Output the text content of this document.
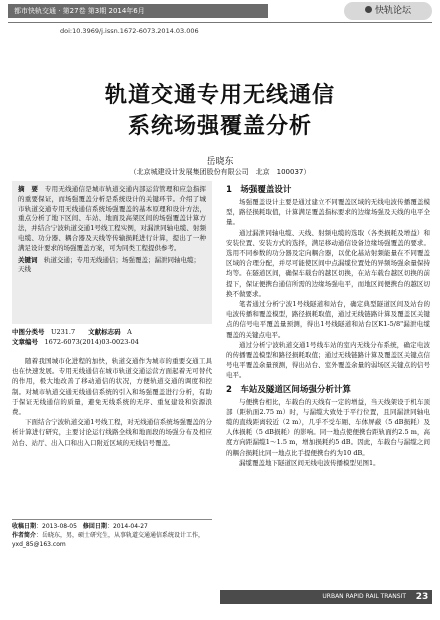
都市快轨交通 · 第27卷 第3期 2014年6月	快轨论坛
doi:10.3969/j.issn.1672-6073.2014.03.006
轨道交通专用无线通信
系统场强覆盖分析
岳晓东
（北京城建设计发展集团股份有限公司　北京　100037）
摘　要　 专用无线通信是城市轨道交通内部运营管理和应急指挥的重要保证，而场强覆盖分析是系统设计的关键环节。介绍了城市轨道交通专用无线通信系统场强覆盖的基本原理和设计方法，重点分析了地下区间、车站、地面及高架区间的场强覆盖计算方法，并结合宁波轨道交通1号线工程实例，对漏泄同轴电缆、射频电缆、功分器、耦合器及天线等传输损耗进行计算，提出了一种满足设计要求的场强覆盖方案，可为同类工程提供参考。
关键词　 轨道交通；专用无线通信；场强覆盖；漏泄同轴电缆；天线
中图分类号　 U231.7　　 文献标志码　 A
文章编号　 1672-6073(2014)03-0023-04

随着我国城市化进程的加快，轨道交通作为城市的重要交通工具也在快速发展。专用无线通信在城市轨道交通运营方面起着无可替代的作用，极大地改善了移动通信的状况，方便轨道交通的调度和控制。对城市轨道交通无线通信系统的引入和场强覆盖进行分析，有助于保证无线通信的质量，避免无线系统的无序、重复建设和资源浪费。

下面结合宁波轨道交通1号线工程，对无线通信系统场强覆盖的分析计算进行研究，主要讨论运行线路全线和地面段的场强分布及相应站台、站厅、出入口和出入口附近区域的无线信号覆盖。

收稿日期：2013-08-05　 修回日期：2014-04-27
作者简介：岳晓东，男，硕士研究生，从事轨道交通通信系统设计工作，yxd_85@163.com
1　场强覆盖设计

场强覆盖设计主要是通过建立不同覆盖区域的无线电波传播覆盖模型，路径损耗取值，计算满足覆盖指标要求的边缘场强及天线的电平全量。

通过漏泄同轴电缆、天线、射频电缆的选取（各类损耗及增益）和安装位置、安装方式的选择，满足移动通信设备边缘场强覆盖的要求。选用不同参数的功分器及定向耦合器，以优化基站射频能量在不同覆盖区域的合理分配，并尽可能使区间中点漏缆位置处的异频场强余量保持均等。在隧道区间，确保车载台的越区切换，在站车载台越区切换的前提下，保证便携台通信所需的边缘场强电平，而地区间便携台的越区切换不做要求。

笔者通过分析宁波1号线隧道和站台，确定典型隧道区间及站台的电波传播和覆盖模型，路径损耗取值，通过无线链路计算及覆盖区关键点的信号电平覆盖量预测，得出1号线隧道和站台区K1-5/8"漏泄电缆覆盖的关键点电平。

通过分析宁波轨道交通1号线车站的室内无线分布系统，确定电波的传播覆盖模型和路径损耗取值；通过无线链路计算及覆盖区关键点信号电平覆盖余量预测，得出站台、室外覆盖余量的弱场区关键点的信号电平。

2　车站及隧道区间场强分析计算

与便携台相比，车载台的天线有一定的增益，当天线架设于机车顶部（距轨面2.75 m）时，与漏缆大致处于平行位置，且同漏泄同轴电缆的直线距离较近（2 m），几乎不受车厢、车体屏蔽（5 dB损耗）及人体损耗（5 dB损耗）的影响。同一地点使便携台距轨面约2.5 m，高度方向距漏缆1～1.5 m，增加损耗约5 dB。因此，车载台与漏缆之间的耦合损耗比同一地点比手提便携台约为10 dB。

漏缆覆盖地下隧道区间无线电波传播模型见图1。

URBAN RAPID RAIL TRANSIT	23
